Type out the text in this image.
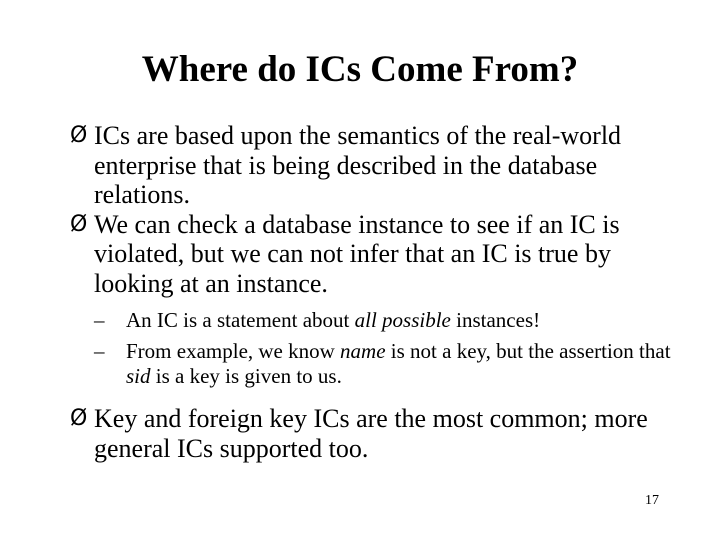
Where do ICs Come From?
Ø ICs are based upon the semantics of the real-world enterprise that is being described in the database relations.
Ø We can check a database instance to see if an IC is violated, but we can not infer that an IC is true by looking at an instance.
– An IC is a statement about all possible instances!
– From example, we know name is not a key, but the assertion that sid is a key is given to us.
Ø Key and foreign key ICs are the most common; more general ICs supported too.
17
